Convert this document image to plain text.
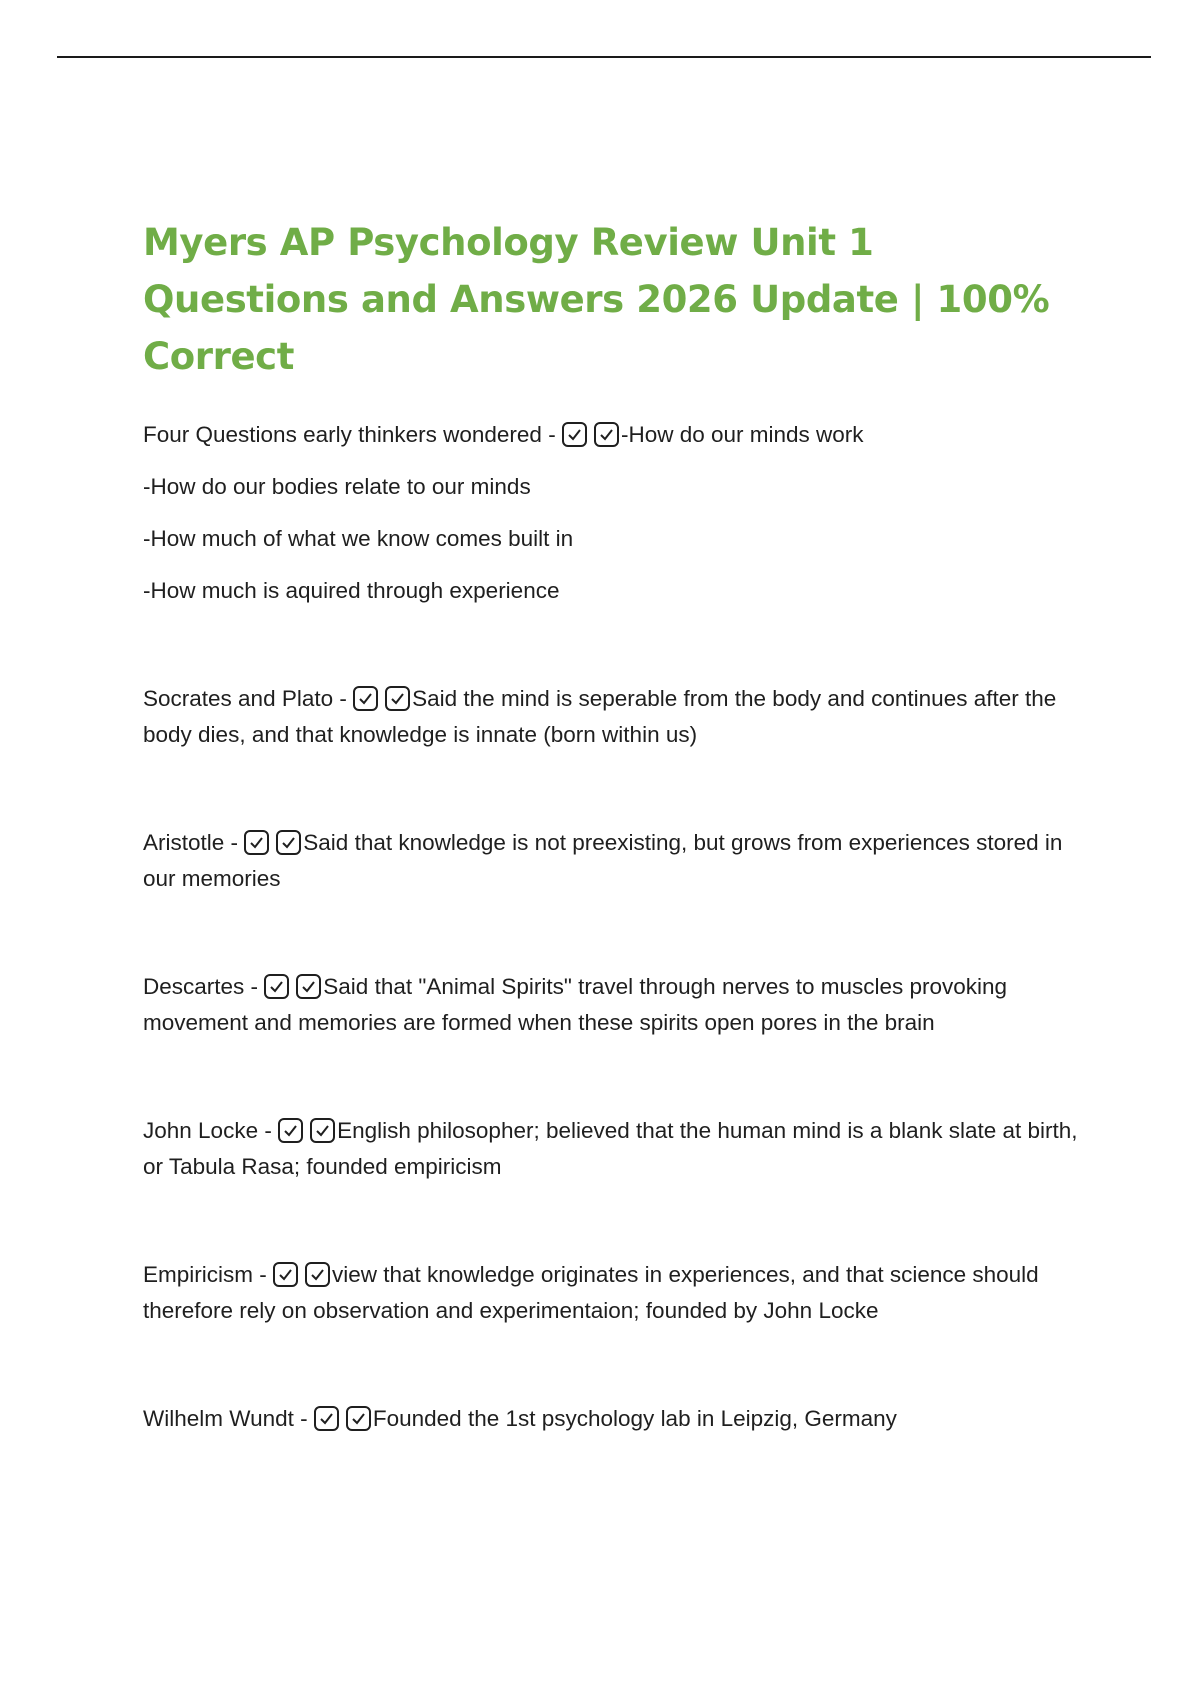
Myers AP Psychology Review Unit 1 Questions and Answers 2026 Update | 100% Correct

Four Questions early thinkers wondered -	-How do our minds work

-How do our bodies relate to our minds

-How much of what we know comes built in

-How much is aquired through experience

Socrates and Plato -	Said the mind is seperable from the body and continues after the body dies, and that knowledge is innate (born within us)

Aristotle -	Said that knowledge is not preexisting, but grows from experiences stored in our memories

Descartes -	Said that "Animal Spirits" travel through nerves to muscles provoking movement and memories are formed when these spirits open pores in the brain

John Locke -	English philosopher; believed that the human mind is a blank slate at birth, or Tabula Rasa; founded empiricism

Empiricism -	view that knowledge originates in experiences, and that science should therefore rely on observation and experimentaion; founded by John Locke

Wilhelm Wundt -	Founded the 1st psychology lab in Leipzig, Germany
